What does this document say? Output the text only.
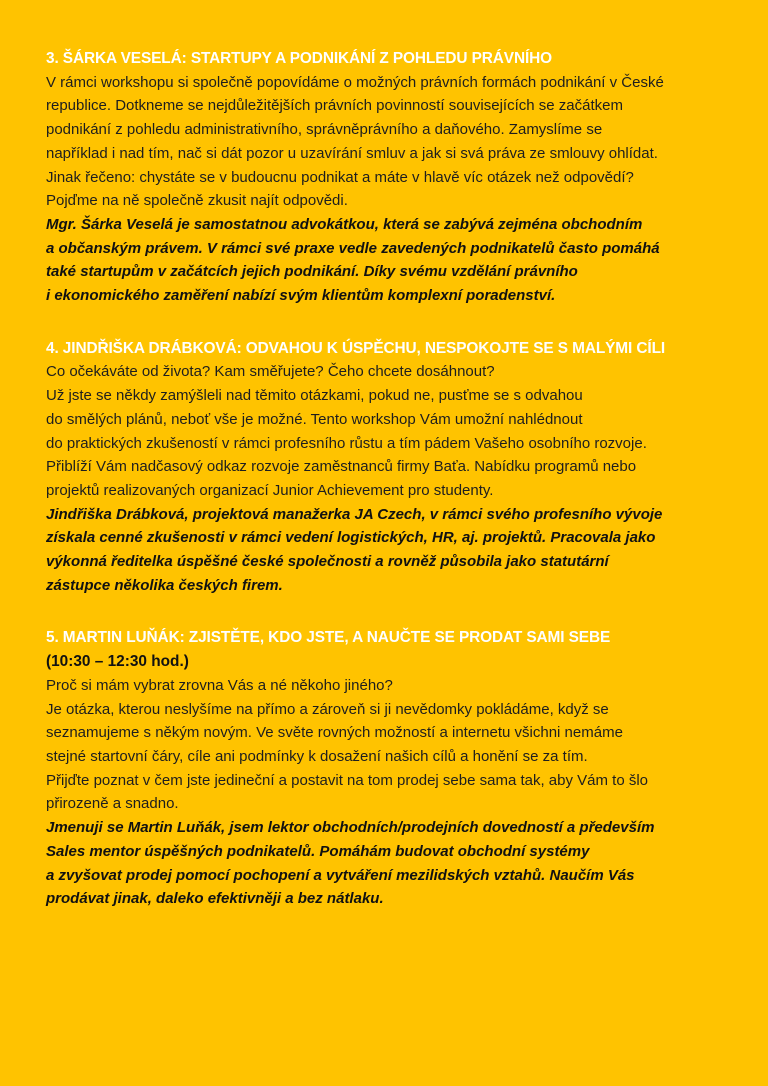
3. ŠÁRKA VESELÁ: STARTUPY A PODNIKÁNÍ Z POHLEDU PRÁVNÍHO

V rámci workshopu si společně popovídáme o možných právních formách podnikání v České
republice. Dotkneme se nejdůležitějších právních povinností souvisejících se začátkem
podnikání z pohledu administrativního, správněprávního a daňového. Zamyslíme se
například i nad tím, nač si dát pozor u uzavírání smluv a jak si svá práva ze smlouvy ohlídat.
Jinak řečeno: chystáte se v budoucnu podnikat a máte v hlavě víc otázek než odpovědí?
Pojďme na ně společně zkusit najít odpovědi.

Mgr. Šárka Veselá je samostatnou advokátkou, která se zabývá zejména obchodním
a občanským právem. V rámci své praxe vedle zavedených podnikatelů často pomáhá
také startupům v začátcích jejich podnikání. Díky svému vzdělání právního
i ekonomického zaměření nabízí svým klientům komplexní poradenství.

4. JINDŘIŠKA DRÁBKOVÁ: ODVAHOU K ÚSPĚCHU, NESPOKOJTE SE S MALÝMI CÍLI

Co očekáváte od života? Kam směřujete? Čeho chcete dosáhnout?
Už jste se někdy zamýšleli nad těmito otázkami, pokud ne, pusťme se s odvahou
do smělých plánů, neboť vše je možné. Tento workshop Vám umožní nahlédnout
do praktických zkušeností v rámci profesního růstu a tím pádem Vašeho osobního rozvoje.
Přiblíží Vám nadčasový odkaz rozvoje zaměstnanců firmy Baťa. Nabídku programů nebo
projektů realizovaných organizací Junior Achievement pro studenty.

Jindřiška Drábková, projektová manažerka JA Czech, v rámci svého profesního vývoje
získala cenné zkušenosti v rámci vedení logistických, HR, aj. projektů. Pracovala jako
výkonná ředitelka úspěšné české společnosti a rovněž působila jako statutární
zástupce několika českých firem.

5. MARTIN LUŇÁK: ZJISTĚTE, KDO JSTE, A NAUČTE SE PRODAT SAMI SEBE

(10:30 – 12:30 hod.)

Proč si mám vybrat zrovna Vás a né někoho jiného?
Je otázka, kterou neslyšíme na přímo a zároveň si ji nevědomky pokládáme, když se
seznamujeme s někým novým. Ve světe rovných možností a internetu všichni nemáme
stejné startovní čáry, cíle ani podmínky k dosažení našich cílů a honění se za tím.
Přijďte poznat v čem jste jedineční a postavit na tom prodej sebe sama tak, aby Vám to šlo
přirozeně a snadno.

Jmenuji se Martin Luňák, jsem lektor obchodních/prodejních dovedností a především
Sales mentor úspěšných podnikatelů. Pomáhám budovat obchodní systémy
a zvyšovat prodej pomocí pochopení a vytváření mezilidských vztahů. Naučím Vás
prodávat jinak, daleko efektivněji a bez nátlaku.
